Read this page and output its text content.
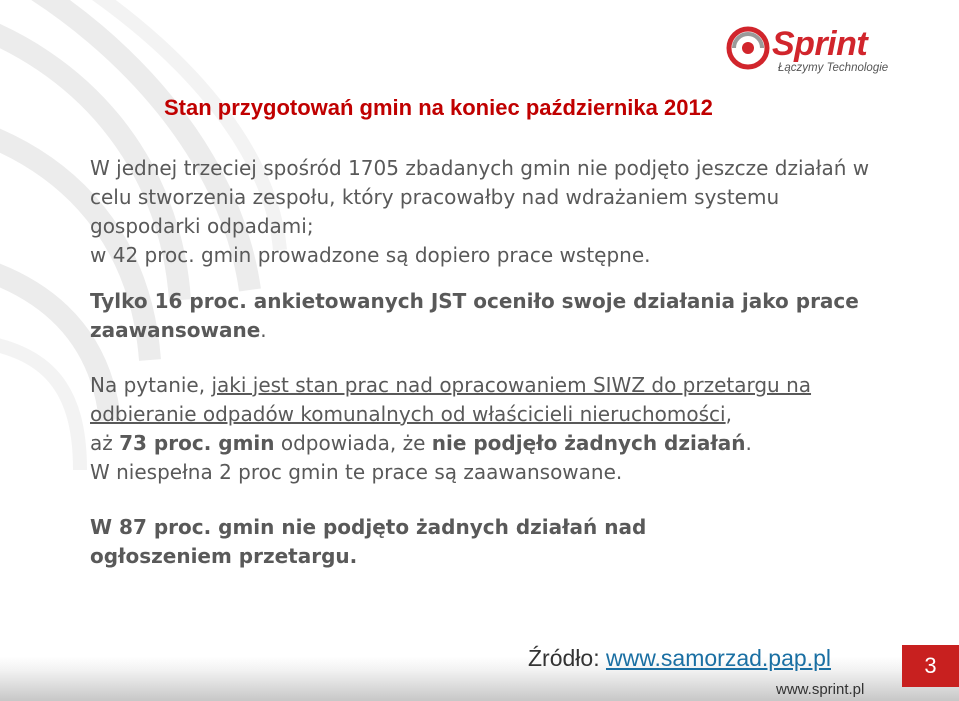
Sprint
Łączymy Technologie
Stan przygotowań gmin na koniec października 2012

W jednej trzeciej spośród 1705 zbadanych gmin nie podjęto jeszcze działań w celu stworzenia zespołu, który pracowałby nad wdrażaniem systemu gospodarki odpadami;
w 42 proc. gmin prowadzone są dopiero prace wstępne.

Tylko 16 proc. ankietowanych JST oceniło swoje działania jako prace zaawansowane.

Na pytanie, jaki jest stan prac nad opracowaniem SIWZ do przetargu na odbieranie odpadów komunalnych od właścicieli nieruchomości,
aż 73 proc. gmin odpowiada, że nie podjęło żadnych działań.
W niespełna 2 proc gmin te prace są zaawansowane.

W 87 proc. gmin nie podjęto żadnych działań nad ogłoszeniem przetargu.

Źródło: www.samorzad.pap.pl	3
www.sprint.pl
